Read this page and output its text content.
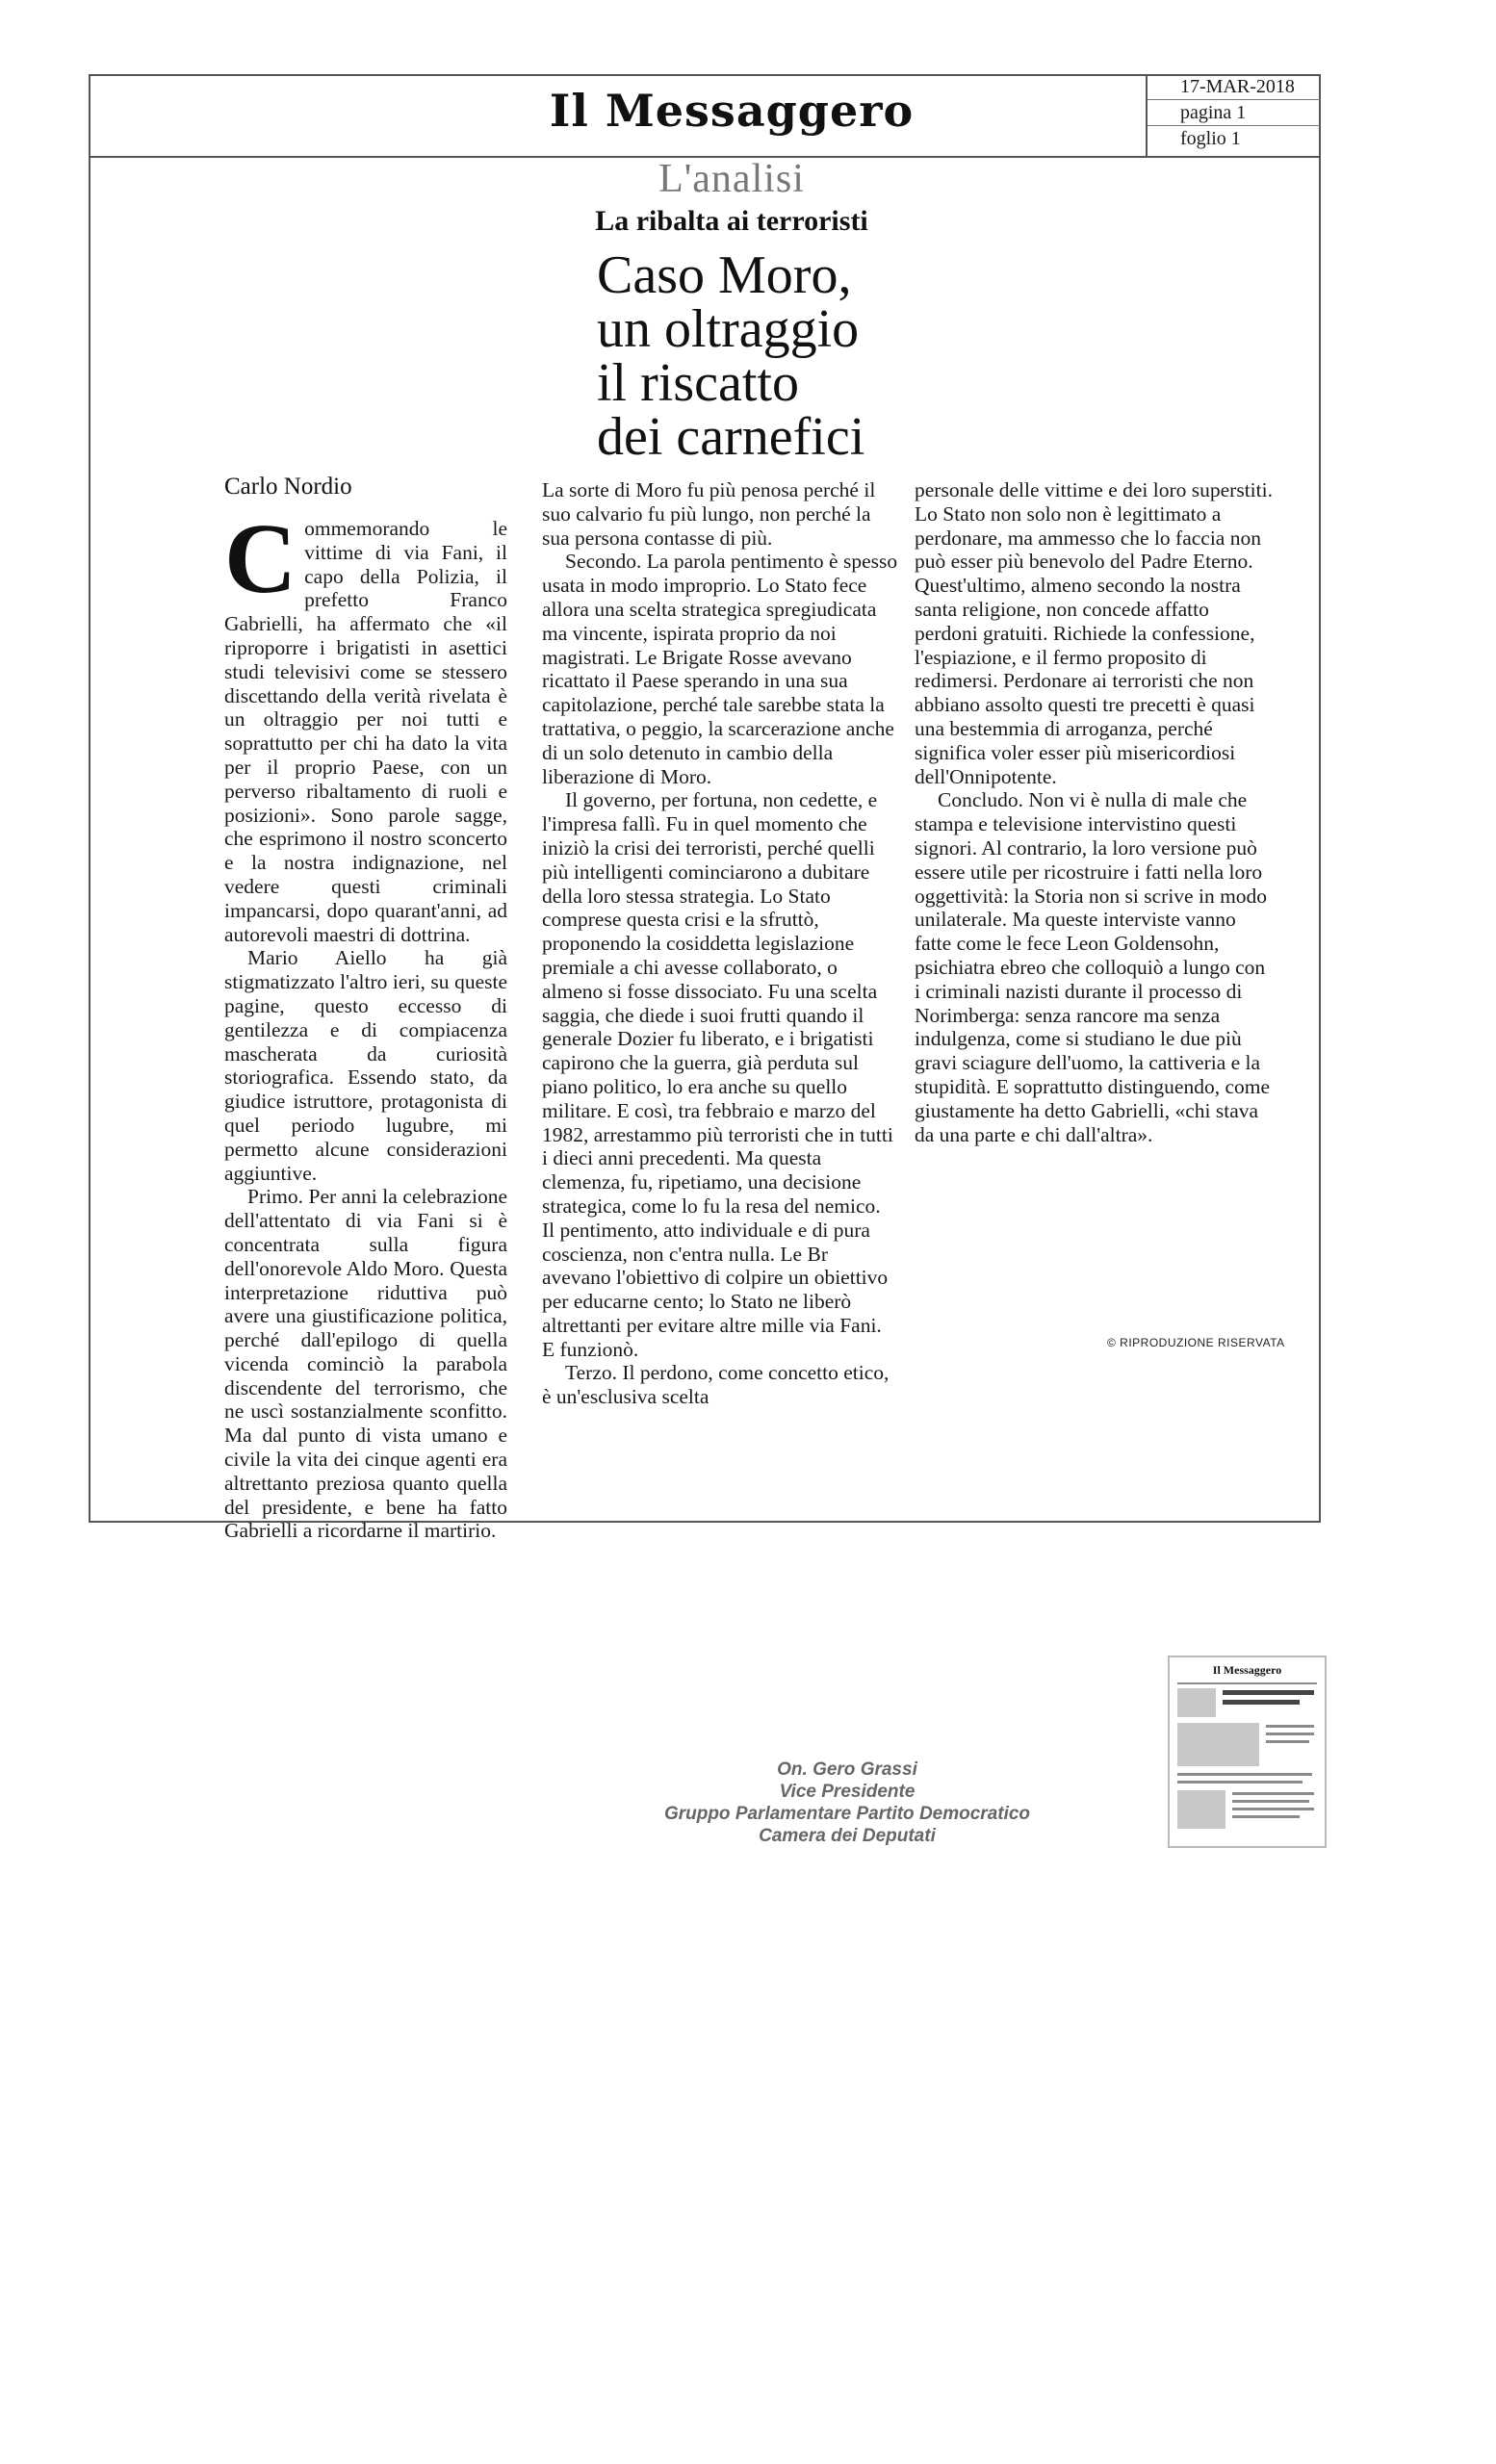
Il Messaggero	17-MAR-2018
pagina 1
foglio 1
L'analisi
La ribalta ai terroristi
Caso Moro,
un oltraggio
il riscatto
dei carnefici
Carlo Nordio

Commemorando le vittime di via Fani, il capo della Polizia, il prefetto Franco Gabrielli, ha affermato che «il riproporre i brigatisti in asettici studi televisivi come se stessero discettando della verità rivelata è un oltraggio per noi tutti e soprattutto per chi ha dato la vita per il proprio Paese, con un perverso ribaltamento di ruoli e posizioni». Sono parole sagge, che esprimono il nostro sconcerto e la nostra indignazione, nel vedere questi criminali impancarsi, dopo quarant'anni, ad autorevoli maestri di dottrina.

Mario Aiello ha già stigmatizzato l'altro ieri, su queste pagine, questo eccesso di gentilezza e di compiacenza mascherata da curiosità storiografica. Essendo stato, da giudice istruttore, protagonista di quel periodo lugubre, mi permetto alcune considerazioni aggiuntive.

Primo. Per anni la celebrazione dell'attentato di via Fani si è concentrata sulla figura dell'onorevole Aldo Moro. Questa interpretazione riduttiva può avere una giustificazione politica, perché dall'epilogo di quella vicenda cominciò la parabola discendente del terrorismo, che ne uscì sostanzialmente sconfitto. Ma dal punto di vista umano e civile la vita dei cinque agenti era altrettanto preziosa quanto quella del presidente, e bene ha fatto Gabrielli a ricordarne il martirio.

La sorte di Moro fu più penosa perché il suo calvario fu più lungo, non perché la sua persona contasse di più.

Secondo. La parola pentimento è spesso usata in modo improprio. Lo Stato fece allora una scelta strategica spregiudicata ma vincente, ispirata proprio da noi magistrati. Le Brigate Rosse avevano ricattato il Paese sperando in una sua capitolazione, perché tale sarebbe stata la trattativa, o peggio, la scarcerazione anche di un solo detenuto in cambio della liberazione di Moro.

Il governo, per fortuna, non cedette, e l'impresa fallì. Fu in quel momento che iniziò la crisi dei terroristi, perché quelli più intelligenti cominciarono a dubitare della loro stessa strategia. Lo Stato comprese questa crisi e la sfruttò, proponendo la cosiddetta legislazione premiale a chi avesse collaborato, o almeno si fosse dissociato. Fu una scelta saggia, che diede i suoi frutti quando il generale Dozier fu liberato, e i brigatisti capirono che la guerra, già perduta sul piano politico, lo era anche su quello militare. E così, tra febbraio e marzo del 1982, arrestammo più terroristi che in tutti i dieci anni precedenti. Ma questa clemenza, fu, ripetiamo, una decisione strategica, come lo fu la resa del nemico. Il pentimento, atto individuale e di pura coscienza, non c'entra nulla. Le Br avevano l'obiettivo di colpire un obiettivo per educarne cento; lo Stato ne liberò altrettanti per evitare altre mille via Fani. E funzionò.

Terzo. Il perdono, come concetto etico, è un'esclusiva scelta

personale delle vittime e dei loro superstiti. Lo Stato non solo non è legittimato a perdonare, ma ammesso che lo faccia non può esser più benevolo del Padre Eterno. Quest'ultimo, almeno secondo la nostra santa religione, non concede affatto perdoni gratuiti. Richiede la confessione, l'espiazione, e il fermo proposito di redimersi. Perdonare ai terroristi che non abbiano assolto questi tre precetti è quasi una bestemmia di arroganza, perché significa voler esser più misericordiosi dell'Onnipotente.

Concludo. Non vi è nulla di male che stampa e televisione intervistino questi signori. Al contrario, la loro versione può essere utile per ricostruire i fatti nella loro oggettività: la Storia non si scrive in modo unilaterale. Ma queste interviste vanno fatte come le fece Leon Goldensohn, psichiatra ebreo che colloquiò a lungo con i criminali nazisti durante il processo di Norimberga: senza rancore ma senza indulgenza, come si studiano le due più gravi sciagure dell'uomo, la cattiveria e la stupidità. E soprattutto distinguendo, come giustamente ha detto Gabrielli, «chi stava da una parte e chi dall'altra».

© RIPRODUZIONE RISERVATA
Il Messaggero
On. Gero Grassi
Vice Presidente
Gruppo Parlamentare Partito Democratico
Camera dei Deputati
